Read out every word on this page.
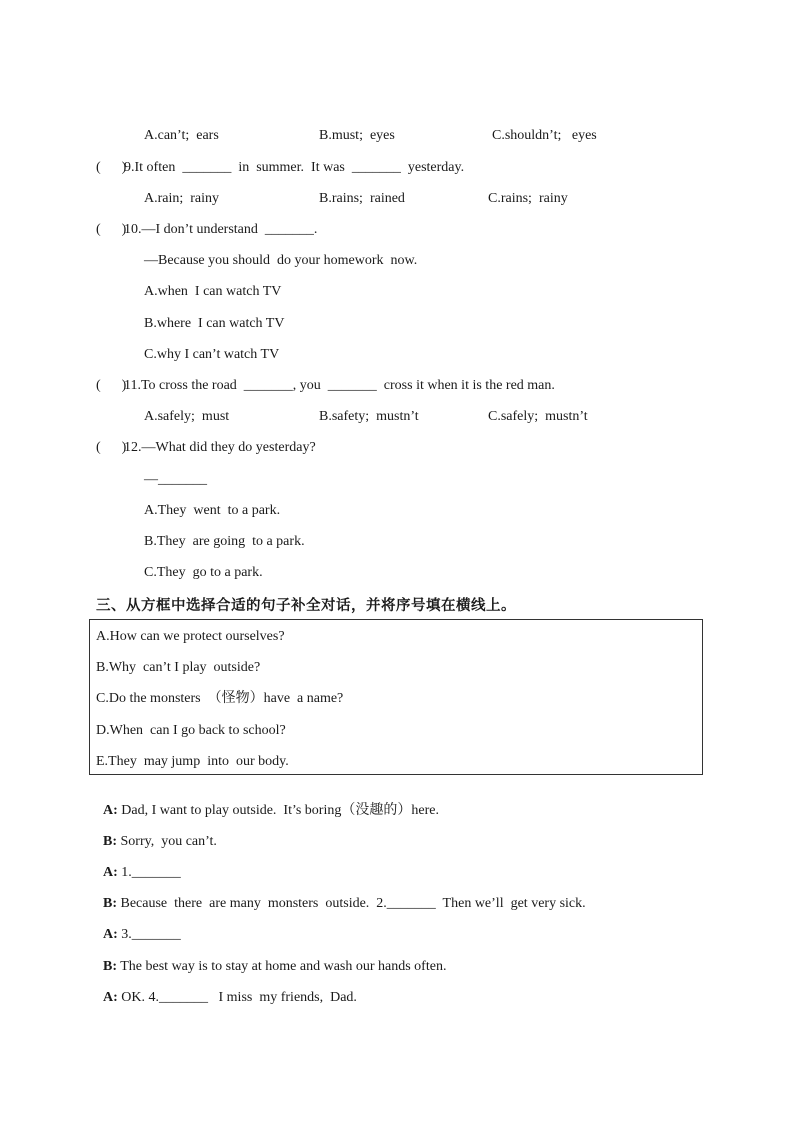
A.can’t;  ears	B.must;  eyes	C.shouldn’t;   eyes
(      )
9.It often  _______  in  summer.  It was  _______  yesterday.
A.rain;  rainy	B.rains;  rained	C.rains;  rainy
(      )
10.—I don’t understand  _______.
—Because you should  do your homework  now.
A.when  I can watch TV
B.where  I can watch TV
C.why I can’t watch TV
(      )
11.To cross the road  _______, you  _______  cross it when it is the red man.
A.safely;  must	B.safety;  mustn’t	C.safely;  mustn’t
(      )
12.—What did they do yesterday?
—_______
A.They  went  to a park.
B.They  are going  to a park.
C.They  go to a park.
三、从方框中选择合适的句子补全对话，并将序号填在横线上。
A.How can we protect ourselves?
B.Why  can’t I play  outside?
C.Do the monsters  （怪物）have  a name?
D.When  can I go back to school?
E.They  may jump  into  our body.

A: Dad, I want to play outside.  It’s boring（没趣的）here.

B: Sorry,  you can’t.

A: 1._______

B: Because  there  are many  monsters  outside.  2._______  Then we’ll  get very sick.

A: 3._______

B: The best way is to stay at home and wash our hands often.

A: OK. 4._______   I miss  my friends,  Dad.
